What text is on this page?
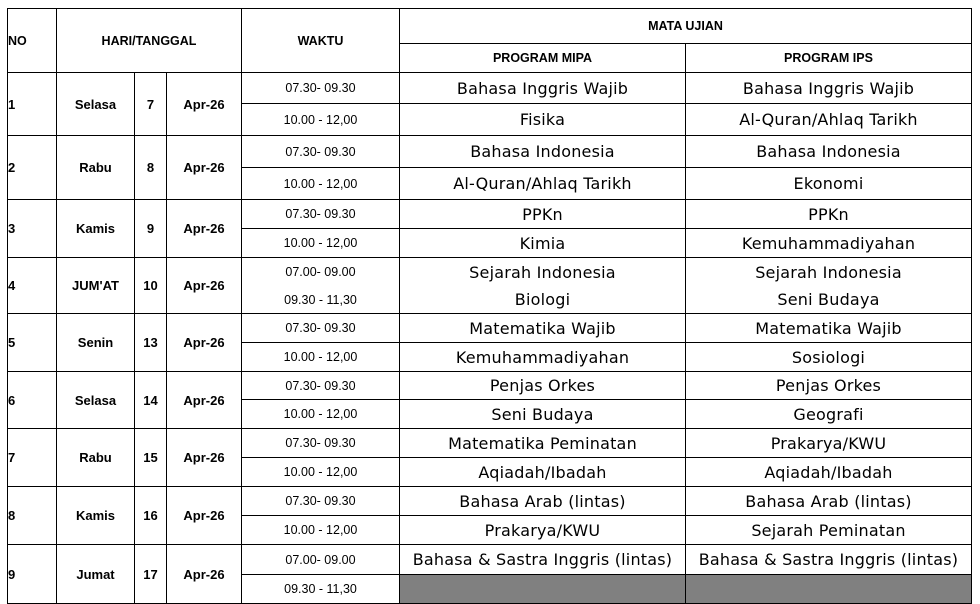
NO	HARI/TANGGAL			WAKTU	MATA UJIAN	
					PROGRAM MIPA	PROGRAM IPS
1	Selasa	7	Apr-26	07.30- 09.30	Bahasa Inggris Wajib	Bahasa Inggris Wajib
				10.00 - 12,00	Fisika	Al-Quran/Ahlaq Tarikh
2	Rabu	8	Apr-26	07.30- 09.30	Bahasa Indonesia	Bahasa Indonesia
				10.00 - 12,00	Al-Quran/Ahlaq Tarikh	Ekonomi
3	Kamis	9	Apr-26	07.30- 09.30	PPKn	PPKn
				10.00 - 12,00	Kimia	Kemuhammadiyahan
4	JUM'AT	10	Apr-26	07.00- 09.00	Sejarah Indonesia	Sejarah Indonesia
				09.30 - 11,30	Biologi	Seni Budaya
5	Senin	13	Apr-26	07.30- 09.30	Matematika Wajib	Matematika Wajib
				10.00 - 12,00	Kemuhammadiyahan	Sosiologi
6	Selasa	14	Apr-26	07.30- 09.30	Penjas Orkes	Penjas Orkes
				10.00 - 12,00	Seni Budaya	Geografi
7	Rabu	15	Apr-26	07.30- 09.30	Matematika Peminatan	Prakarya/KWU
				10.00 - 12,00	Aqiadah/Ibadah	Aqiadah/Ibadah
8	Kamis	16	Apr-26	07.30- 09.30	Bahasa Arab (lintas)	Bahasa Arab (lintas)
				10.00 - 12,00	Prakarya/KWU	Sejarah Peminatan
9	Jumat	17	Apr-26	07.00- 09.00	Bahasa & Sastra Inggris (lintas)	Bahasa & Sastra Inggris (lintas)
				09.30 - 11,30		
